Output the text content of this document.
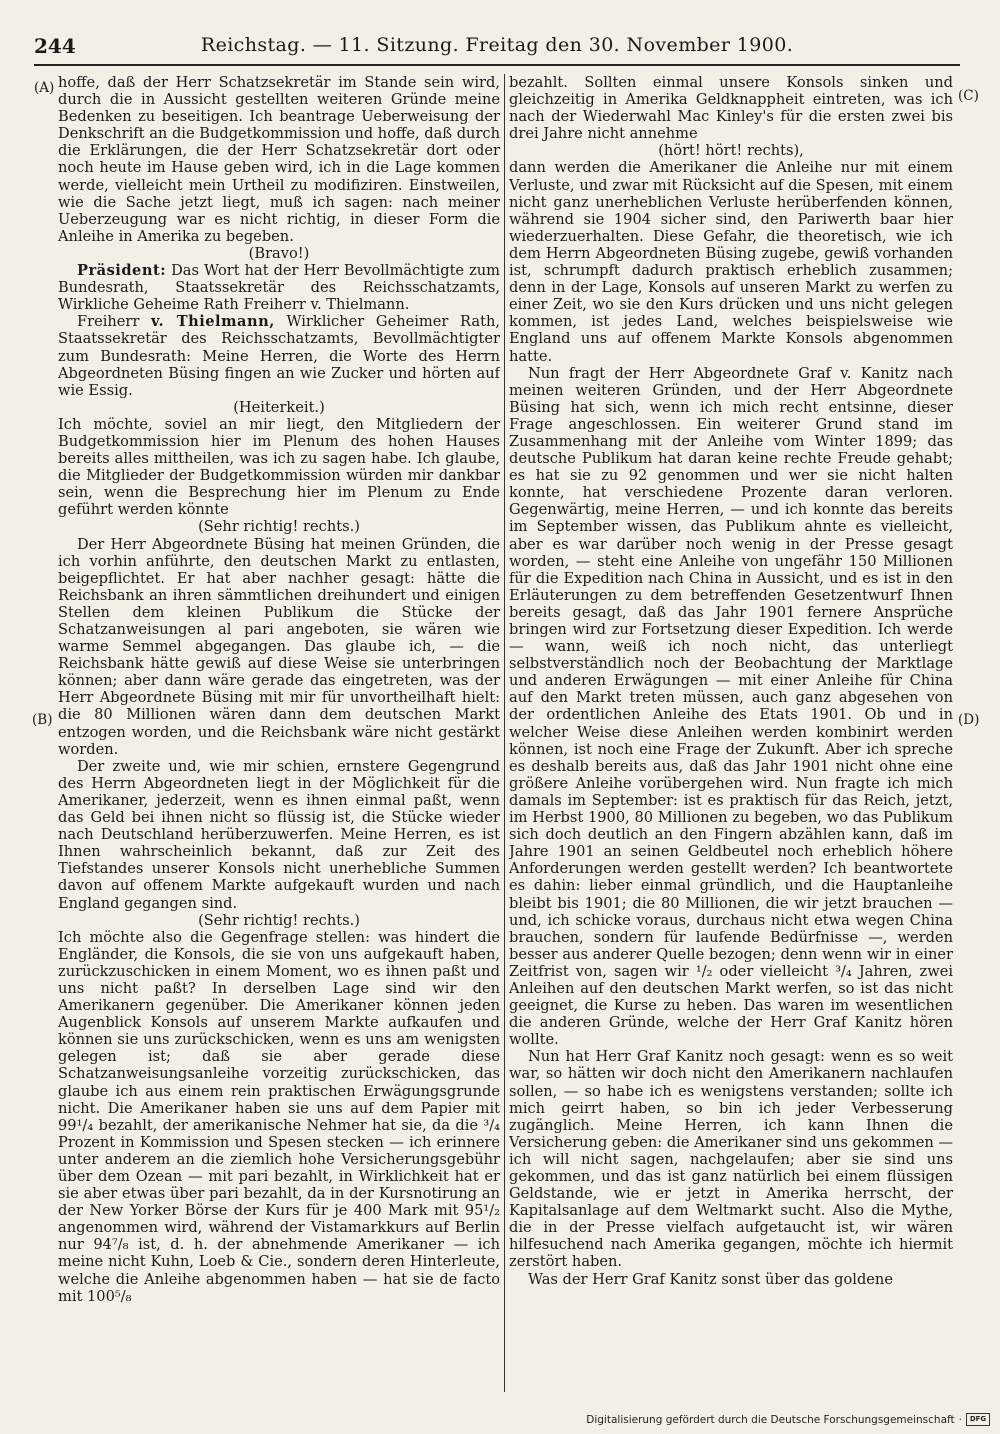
244	Reichstag. — 11. Sitzung. Freitag den 30. November 1900.
(A)
(B)
(C)
(D)

hoffe, daß der Herr Schatzsekretär im Stande sein wird, durch die in Aussicht gestellten weiteren Gründe meine Bedenken zu beseitigen. Ich beantrage Ueberweisung der Denkschrift an die Budgetkommission und hoffe, daß durch die Erklärungen, die der Herr Schatzsekretär dort oder noch heute im Hause geben wird, ich in die Lage kommen werde, vielleicht mein Urtheil zu modifiziren. Einstweilen, wie die Sache jetzt liegt, muß ich sagen: nach meiner Ueberzeugung war es nicht richtig, in dieser Form die Anleihe in Amerika zu begeben.

(Bravo!)

Präsident: Das Wort hat der Herr Bevollmächtigte zum Bundesrath, Staatssekretär des Reichsschatzamts, Wirkliche Geheime Rath Freiherr v. Thielmann.

Freiherr v. Thielmann, Wirklicher Geheimer Rath, Staatssekretär des Reichsschatzamts, Bevollmächtigter zum Bundesrath: Meine Herren, die Worte des Herrn Abgeordneten Büsing fingen an wie Zucker und hörten auf wie Essig.

(Heiterkeit.)

Ich möchte, soviel an mir liegt, den Mitgliedern der Budgetkommission hier im Plenum des hohen Hauses bereits alles mittheilen, was ich zu sagen habe. Ich glaube, die Mitglieder der Budgetkommission würden mir dankbar sein, wenn die Besprechung hier im Plenum zu Ende geführt werden könnte

(Sehr richtig! rechts.)

Der Herr Abgeordnete Büsing hat meinen Gründen, die ich vorhin anführte, den deutschen Markt zu entlasten, beigepflichtet. Er hat aber nachher gesagt: hätte die Reichsbank an ihren sämmtlichen dreihundert und einigen Stellen dem kleinen Publikum die Stücke der Schatzanweisungen al pari angeboten, sie wären wie warme Semmel abgegangen. Das glaube ich, — die Reichsbank hätte gewiß auf diese Weise sie unterbringen können; aber dann wäre gerade das eingetreten, was der Herr Abgeordnete Büsing mit mir für unvortheilhaft hielt: die 80 Millionen wären dann dem deutschen Markt entzogen worden, und die Reichsbank wäre nicht gestärkt worden.

Der zweite und, wie mir schien, ernstere Gegengrund des Herrn Abgeordneten liegt in der Möglichkeit für die Amerikaner, jederzeit, wenn es ihnen einmal paßt, wenn das Geld bei ihnen nicht so flüssig ist, die Stücke wieder nach Deutschland herüberzuwerfen. Meine Herren, es ist Ihnen wahrscheinlich bekannt, daß zur Zeit des Tiefstandes unserer Konsols nicht unerhebliche Summen davon auf offenem Markte aufgekauft wurden und nach England gegangen sind.

(Sehr richtig! rechts.)

Ich möchte also die Gegenfrage stellen: was hindert die Engländer, die Konsols, die sie von uns aufgekauft haben, zurückzuschicken in einem Moment, wo es ihnen paßt und uns nicht paßt? In derselben Lage sind wir den Amerikanern gegenüber. Die Amerikaner können jeden Augenblick Konsols auf unserem Markte aufkaufen und können sie uns zurückschicken, wenn es uns am wenigsten gelegen ist; daß sie aber gerade diese Schatzanweisungsanleihe vorzeitig zurückschicken, das glaube ich aus einem rein praktischen Erwägungsgrunde nicht. Die Amerikaner haben sie uns auf dem Papier mit 99¹/₄ bezahlt, der amerikanische Nehmer hat sie, da die ³/₄ Prozent in Kommission und Spesen stecken — ich erinnere unter anderem an die ziemlich hohe Versicherungsgebühr über dem Ozean — mit pari bezahlt, in Wirklichkeit hat er sie aber etwas über pari bezahlt, da in der Kursnotirung an der New Yorker Börse der Kurs für je 400 Mark mit 95¹/₂ angenommen wird, während der Vistamarkkurs auf Berlin nur 94⁷/₈ ist, d. h. der abnehmende Amerikaner — ich meine nicht Kuhn, Loeb & Cie., sondern deren Hinterleute, welche die Anleihe abgenommen haben — hat sie de facto mit 100⁵/₈

bezahlt. Sollten einmal unsere Konsols sinken und gleichzeitig in Amerika Geldknappheit eintreten, was ich nach der Wiederwahl Mac Kinley's für die ersten zwei bis drei Jahre nicht annehme

(hört! hört! rechts),

dann werden die Amerikaner die Anleihe nur mit einem Verluste, und zwar mit Rücksicht auf die Spesen, mit einem nicht ganz unerheblichen Verluste herüberfenden können, während sie 1904 sicher sind, den Pariwerth baar hier wiederzuerhalten. Diese Gefahr, die theoretisch, wie ich dem Herrn Abgeordneten Büsing zugebe, gewiß vorhanden ist, schrumpft dadurch praktisch erheblich zusammen; denn in der Lage, Konsols auf unseren Markt zu werfen zu einer Zeit, wo sie den Kurs drücken und uns nicht gelegen kommen, ist jedes Land, welches beispielsweise wie England uns auf offenem Markte Konsols abgenommen hatte.

Nun fragt der Herr Abgeordnete Graf v. Kanitz nach meinen weiteren Gründen, und der Herr Abgeordnete Büsing hat sich, wenn ich mich recht entsinne, dieser Frage angeschlossen. Ein weiterer Grund stand im Zusammenhang mit der Anleihe vom Winter 1899; das deutsche Publikum hat daran keine rechte Freude gehabt; es hat sie zu 92 genommen und wer sie nicht halten konnte, hat verschiedene Prozente daran verloren. Gegenwärtig, meine Herren, — und ich konnte das bereits im September wissen, das Publikum ahnte es vielleicht, aber es war darüber noch wenig in der Presse gesagt worden, — steht eine Anleihe von ungefähr 150 Millionen für die Expedition nach China in Aussicht, und es ist in den Erläuterungen zu dem betreffenden Gesetzentwurf Ihnen bereits gesagt, daß das Jahr 1901 fernere Ansprüche bringen wird zur Fortsetzung dieser Expedition. Ich werde — wann, weiß ich noch nicht, das unterliegt selbstverständlich noch der Beobachtung der Marktlage und anderen Erwägungen — mit einer Anleihe für China auf den Markt treten müssen, auch ganz abgesehen von der ordentlichen Anleihe des Etats 1901. Ob und in welcher Weise diese Anleihen werden kombinirt werden können, ist noch eine Frage der Zukunft. Aber ich spreche es deshalb bereits aus, daß das Jahr 1901 nicht ohne eine größere Anleihe vorübergehen wird. Nun fragte ich mich damals im September: ist es praktisch für das Reich, jetzt, im Herbst 1900, 80 Millionen zu begeben, wo das Publikum sich doch deutlich an den Fingern abzählen kann, daß im Jahre 1901 an seinen Geldbeutel noch erheblich höhere Anforderungen werden gestellt werden? Ich beantwortete es dahin: lieber einmal gründlich, und die Hauptanleihe bleibt bis 1901; die 80 Millionen, die wir jetzt brauchen — und, ich schicke voraus, durchaus nicht etwa wegen China brauchen, sondern für laufende Bedürfnisse —, werden besser aus anderer Quelle bezogen; denn wenn wir in einer Zeitfrist von, sagen wir ¹/₂ oder vielleicht ³/₄ Jahren, zwei Anleihen auf den deutschen Markt werfen, so ist das nicht geeignet, die Kurse zu heben. Das waren im wesentlichen die anderen Gründe, welche der Herr Graf Kanitz hören wollte.

Nun hat Herr Graf Kanitz noch gesagt: wenn es so weit war, so hätten wir doch nicht den Amerikanern nachlaufen sollen, — so habe ich es wenigstens verstanden; sollte ich mich geirrt haben, so bin ich jeder Verbesserung zugänglich. Meine Herren, ich kann Ihnen die Versicherung geben: die Amerikaner sind uns gekommen — ich will nicht sagen, nachgelaufen; aber sie sind uns gekommen, und das ist ganz natürlich bei einem flüssigen Geldstande, wie er jetzt in Amerika herrscht, der Kapitalsanlage auf dem Weltmarkt sucht. Also die Mythe, die in der Presse vielfach aufgetaucht ist, wir wären hilfesuchend nach Amerika gegangen, möchte ich hiermit zerstört haben.

Was der Herr Graf Kanitz sonst über das goldene

Digitalisierung gefördert durch die Deutsche Forschungsgemeinschaft ·	DFG
